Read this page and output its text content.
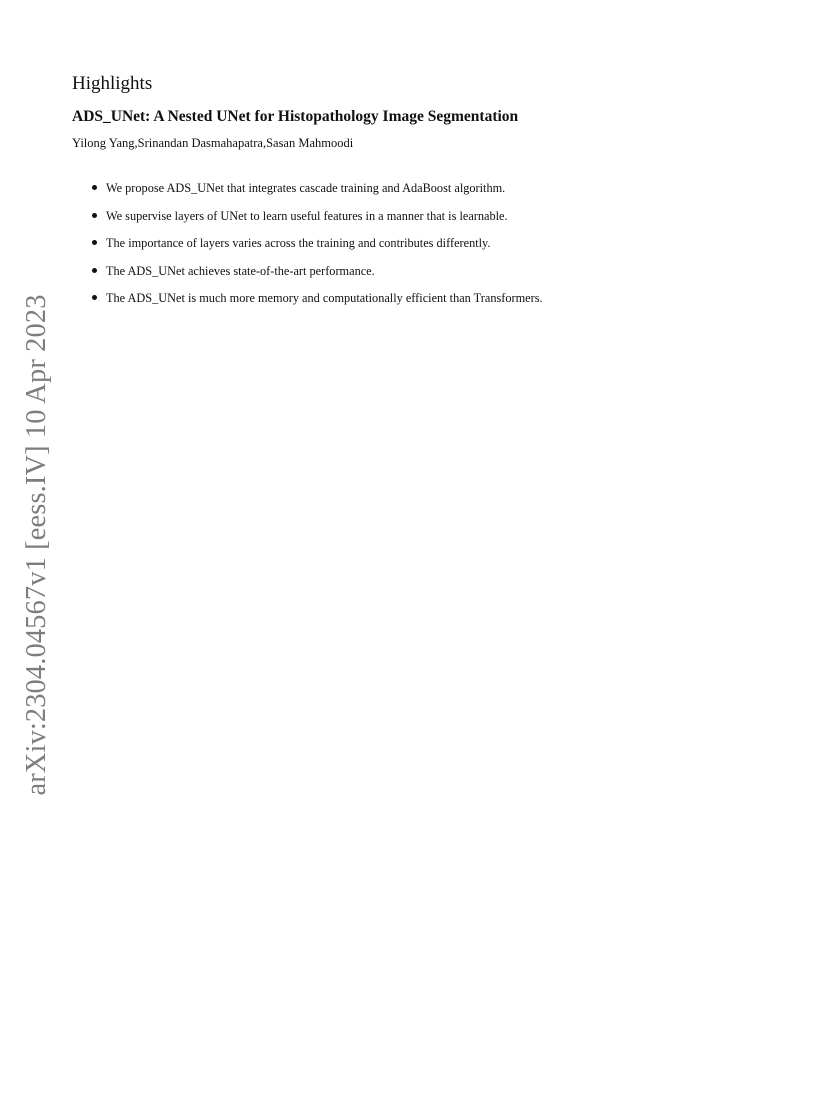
arXiv:2304.04567v1 [eess.IV] 10 Apr 2023
Highlights
ADS_UNet: A Nested UNet for Histopathology Image Segmentation
Yilong Yang,Srinandan Dasmahapatra,Sasan Mahmoodi
We propose ADS_UNet that integrates cascade training and AdaBoost algorithm.
We supervise layers of UNet to learn useful features in a manner that is learnable.
The importance of layers varies across the training and contributes differently.
The ADS_UNet achieves state-of-the-art performance.
The ADS_UNet is much more memory and computationally efficient than Transformers.
